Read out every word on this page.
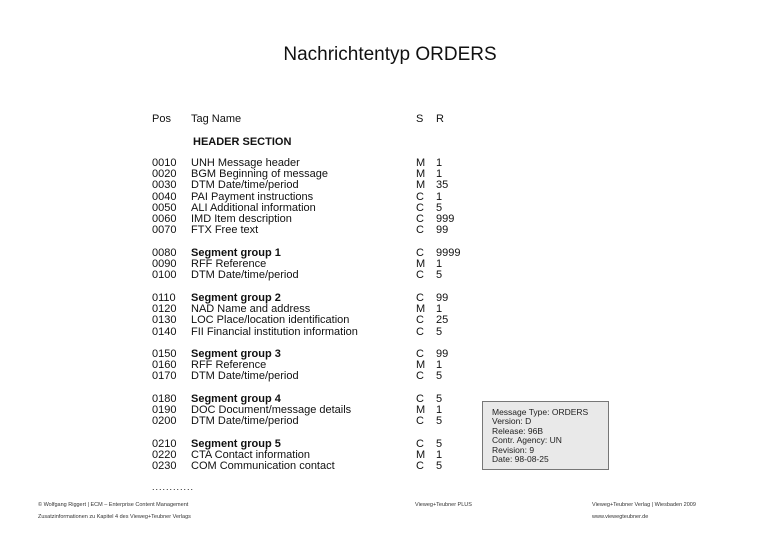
Nachrichtentyp ORDERS
Pos Tag Name	S R
HEADER SECTION
0010	UNH Message header	M 1
0020	BGM Beginning of message	M 1
0030	DTM Date/time/period	M 35
0040	PAI Payment instructions	C 1
0050	ALI Additional information	C 5
0060	IMD Item description	C 999
0070	FTX Free text	C 99
0080	Segment group 1	C 9999
0090	RFF Reference	M 1
0100	DTM Date/time/period	C 5
0110	Segment group 2	C 99
0120	NAD Name and address	M 1
0130	LOC Place/location identification	C 25
0140	FII Financial institution information	C 5
0150	Segment group 3	C 99
0160	RFF Reference	M 1
0170	DTM Date/time/period	C 5
0180	Segment group 4	C 5
0190	DOC Document/message details	M 1
0200	DTM Date/time/period	C 5
0210	Segment group 5	C 5
0220	CTA Contact information	M 1
0230	COM Communication contact	C 5
Message Type: ORDERS
Version: D
Release: 96B
Contr. Agency: UN
Revision: 9
Date: 98-08-25
............
© Wolfgang Riggert | ECM – Enterprise Content Management
Zusatzinformationen zu Kapitel 4 des Vieweg+Teubner Verlags
Vieweg+Teubner PLUS	Vieweg+Teubner Verlag | Wiesbaden 2009
www.viewegteubner.de
